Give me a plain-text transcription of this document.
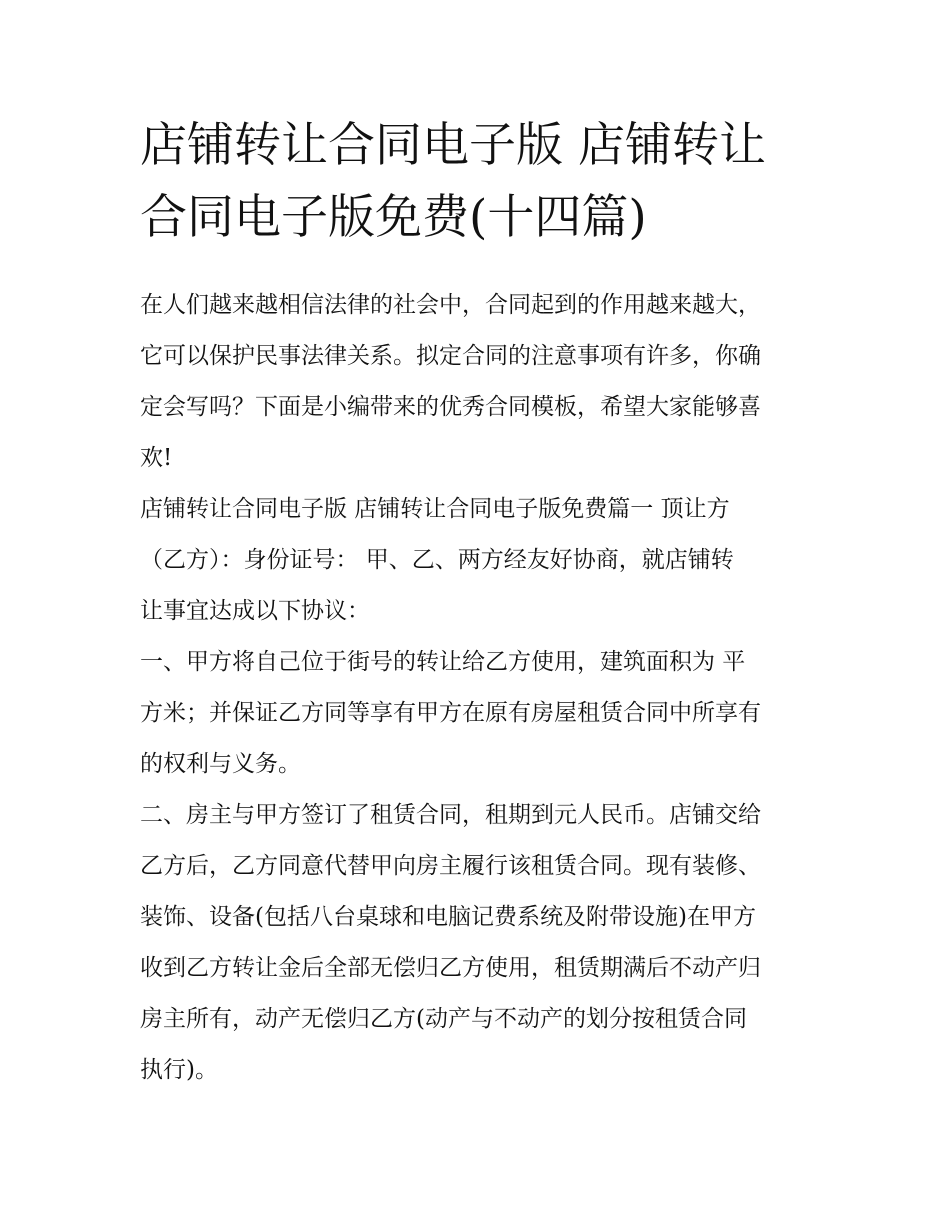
店铺转让合同电子版 店铺转让
合同电子版免费(十四篇)
在人们越来越相信法律的社会中，合同起到的作用越来越大，
它可以保护民事法律关系。拟定合同的注意事项有许多，你确
定会写吗？下面是小编带来的优秀合同模板，希望大家能够喜
欢!
店铺转让合同电子版 店铺转让合同电子版免费篇一 顶让方
（乙方）：身份证号： 甲、乙、两方经友好协商，就店铺转
让事宜达成以下协议：
一、甲方将自己位于街号的转让给乙方使用，建筑面积为 平
方米；并保证乙方同等享有甲方在原有房屋租赁合同中所享有
的权利与义务。
二、房主与甲方签订了租赁合同，租期到元人民币。店铺交给
乙方后，乙方同意代替甲向房主履行该租赁合同。现有装修、
装饰、设备(包括八台桌球和电脑记费系统及附带设施)在甲方
收到乙方转让金后全部无偿归乙方使用，租赁期满后不动产归
房主所有，动产无偿归乙方(动产与不动产的划分按租赁合同
执行)。
